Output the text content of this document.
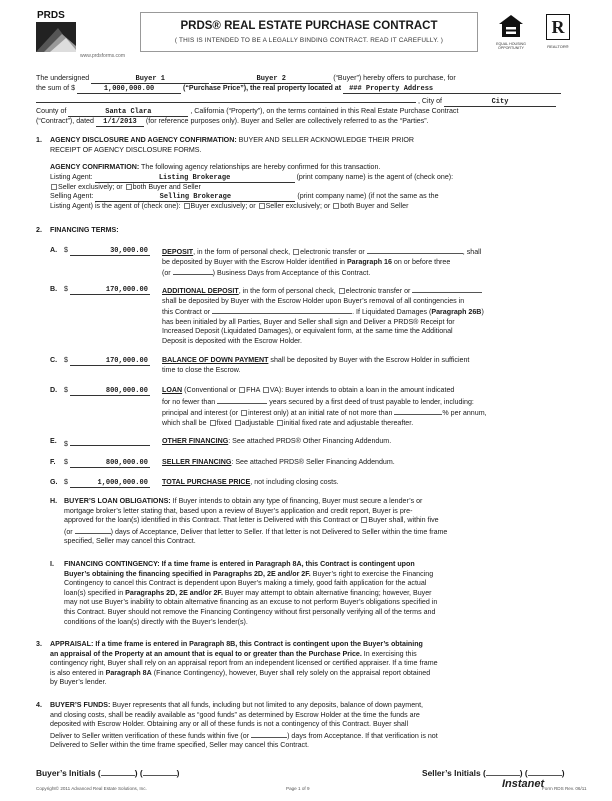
PRDS
www.prdsforms.com
PRDS® REAL ESTATE PURCHASE CONTRACT
( THIS IS INTENDED TO BE A LEGALLY BINDING CONTRACT. READ IT CAREFULLY. )	EQUAL HOUSING OPPORTUNITY
R
REALTOR®
The undersigned	Buyer 1	Buyer 2	(“Buyer”) hereby offers to purchase, for
the sum of $	1,000,000.00	(“Purchase Price”), the real property located at ### Property Address
, City of	City
County of	Santa Clara	, California (“Property”), on the terms contained in this Real Estate Purchase Contract
(“Contract”), dated 1/1/2013 (for reference purposes only). Buyer and Seller are collectively referred to as the “Parties”.
1. AGENCY DISCLOSURE AND AGENCY CONFIRMATION: BUYER AND SELLER ACKNOWLEDGE THEIR PRIOR
RECEIPT OF AGENCY DISCLOSURE FORMS.
AGENCY CONFIRMATION: The following agency relationships are hereby confirmed for this transaction.
Listing Agent:	Listing Brokerage	(print company name) is the agent of (check one):
Seller exclusively; or both Buyer and Seller
Selling Agent:	Selling Brokerage	(print company name) (if not the same as the
Listing Agent) is the agent of (check one): Buyer exclusively; or Seller exclusively; or both Buyer and Seller
2. FINANCING TERMS:
A. $	30,000.00 DEPOSIT, in the form of personal check, electronic transfer or	, shall
be deposited by Buyer with the Escrow Holder identified in Paragraph 16 on or before three
(or	) Business Days from Acceptance of this Contract.
B. $	170,000.00 ADDITIONAL DEPOSIT, in the form of personal check, electronic transfer or
shall be deposited by Buyer with the Escrow Holder upon Buyer’s removal of all contingencies in
this Contract or	. If Liquidated Damages (Paragraph 26B)
has been initialed by all Parties, Buyer and Seller shall sign and Deliver a PRDS® Receipt for
Increased Deposit (Liquidated Damages), or equivalent form, at the same time the Additional
Deposit is deposited with the Escrow Holder.
C. $	170,000.00 BALANCE OF DOWN PAYMENT shall be deposited by Buyer with the Escrow Holder in sufficient
time to close the Escrow.
D. $	800,000.00 LOAN (Conventional or FHA VA): Buyer intends to obtain a loan in the amount indicated
for no fewer than	years secured by a first deed of trust payable to lender, including:
principal and interest (or interest only) at an initial rate of not more than	% per annum,
which shall be fixed adjustable initial fixed rate and adjustable thereafter.
E. $	OTHER FINANCING: See attached PRDS® Other Financing Addendum.
F. $	800,000.00 SELLER FINANCING: See attached PRDS® Seller Financing Addendum.
G. $	1,000,000.00 TOTAL PURCHASE PRICE, not including closing costs.
H. BUYER’S LOAN OBLIGATIONS: If Buyer intends to obtain any type of financing, Buyer must secure a lender’s or
mortgage broker’s letter stating that, based upon a review of Buyer’s application and credit report, Buyer is pre-
approved for the loan(s) identified in this Contract. That letter is Delivered with this Contract or Buyer shall, within five
(or	) days of Acceptance, Deliver that letter to Seller. If that letter is not Delivered to Seller within the time frame
specified, Seller may cancel this Contract.
I. FINANCING CONTINGENCY: If a time frame is entered in Paragraph 8A, this Contract is contingent upon
Buyer’s obtaining the financing specified in Paragraphs 2D, 2E and/or 2F. Buyer’s right to exercise the Financing
Contingency to cancel this Contract is dependent upon Buyer’s making a timely, good faith application for the actual
loan(s) specified in Paragraphs 2D, 2E and/or 2F. Buyer may attempt to obtain alternative financing; however, Buyer
may not use Buyer’s inability to obtain alternative financing as an excuse to not perform Buyer’s obligations specified in
this Contract. Buyer should not remove the Financing Contingency without first personally verifying all of the terms and
conditions of the loan(s) directly with the Buyer’s lender(s).
3. APPRAISAL: If a time frame is entered in Paragraph 8B, this Contract is contingent upon the Buyer’s obtaining
an appraisal of the Property at an amount that is equal to or greater than the Purchase Price. In exercising this
contingency right, Buyer shall rely on an appraisal report from an independent licensed or certified appraiser. If a time frame
is also entered in Paragraph 8A (Finance Contingency), however, Buyer shall rely solely on the appraisal report obtained
by Buyer’s lender.
4. BUYER’S FUNDS: Buyer represents that all funds, including but not limited to any deposits, balance of down payment,
and closing costs, shall be readily available as “good funds” as determined by Escrow Holder at the time the funds are
deposited with Escrow Holder. Obtaining any or all of these funds is not a contingency of this Contract. Buyer shall
Deliver to Seller written verification of these funds within five (or	) days from Acceptance. If that verification is not
Delivered to Seller within the time frame specified, Seller may cancel this Contract.
Buyer’s Initials (	) (	)	Seller’s Initials (	) (	)
Copyright© 2011 Advanced Real Estate Solutions, Inc.	Page 1 of 9	Instanet
Form RDS Rev. 06/11
